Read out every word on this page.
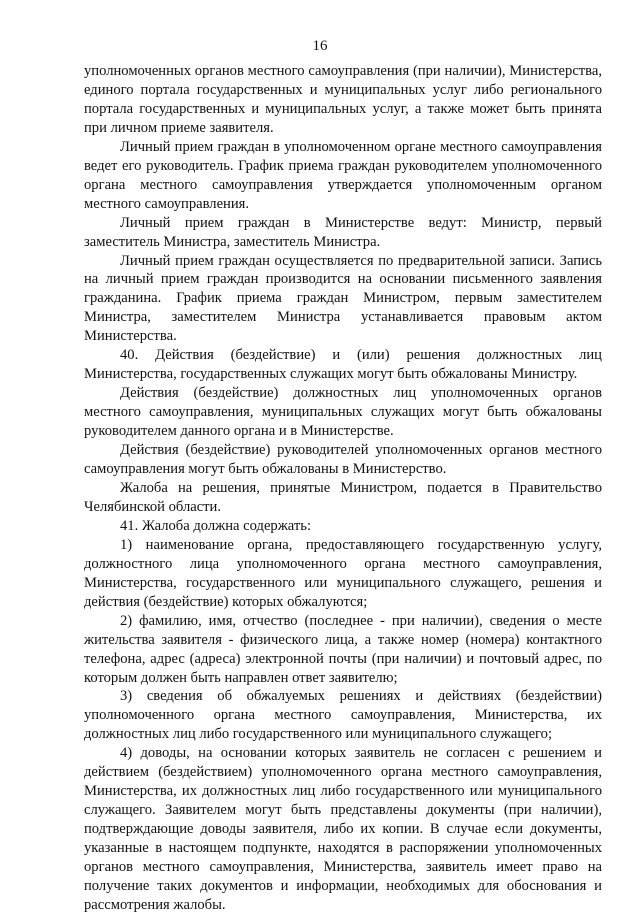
16

уполномоченных органов местного самоуправления (при наличии), Министерства, единого портала государственных и муниципальных услуг либо регионального портала государственных и муниципальных услуг, а также может быть принята при личном приеме заявителя.

Личный прием граждан в уполномоченном органе местного самоуправления ведет его руководитель. График приема граждан руководителем уполномоченного органа местного самоуправления утверждается уполномоченным органом местного самоуправления.

Личный прием граждан в Министерстве ведут: Министр, первый заместитель Министра, заместитель Министра.

Личный прием граждан осуществляется по предварительной записи. Запись на личный прием граждан производится на основании письменного заявления гражданина. График приема граждан Министром, первым заместителем Министра, заместителем Министра устанавливается правовым актом Министерства.

40. Действия (бездействие) и (или) решения должностных лиц Министерства, государственных служащих могут быть обжалованы Министру.

Действия (бездействие) должностных лиц уполномоченных органов местного самоуправления, муниципальных служащих могут быть обжалованы руководителем данного органа и в Министерстве.

Действия (бездействие) руководителей уполномоченных органов местного самоуправления могут быть обжалованы в Министерство.

Жалоба на решения, принятые Министром, подается в Правительство Челябинской области.

41. Жалоба должна содержать:

1) наименование органа, предоставляющего государственную услугу, должностного лица уполномоченного органа местного самоуправления, Министерства, государственного или муниципального служащего, решения и действия (бездействие) которых обжалуются;

2) фамилию, имя, отчество (последнее - при наличии), сведения о месте жительства заявителя - физического лица, а также номер (номера) контактного телефона, адрес (адреса) электронной почты (при наличии) и почтовый адрес, по которым должен быть направлен ответ заявителю;

3) сведения об обжалуемых решениях и действиях (бездействии) уполномоченного органа местного самоуправления, Министерства, их должностных лиц либо государственного или муниципального служащего;

4) доводы, на основании которых заявитель не согласен с решением и действием (бездействием) уполномоченного органа местного самоуправления, Министерства, их должностных лиц либо государственного или муниципального служащего. Заявителем могут быть представлены документы (при наличии), подтверждающие доводы заявителя, либо их копии. В случае если документы, указанные в настоящем подпункте, находятся в распоряжении уполномоченных органов местного самоуправления, Министерства, заявитель имеет право на получение таких документов и информации, необходимых для обоснования и рассмотрения жалобы.
